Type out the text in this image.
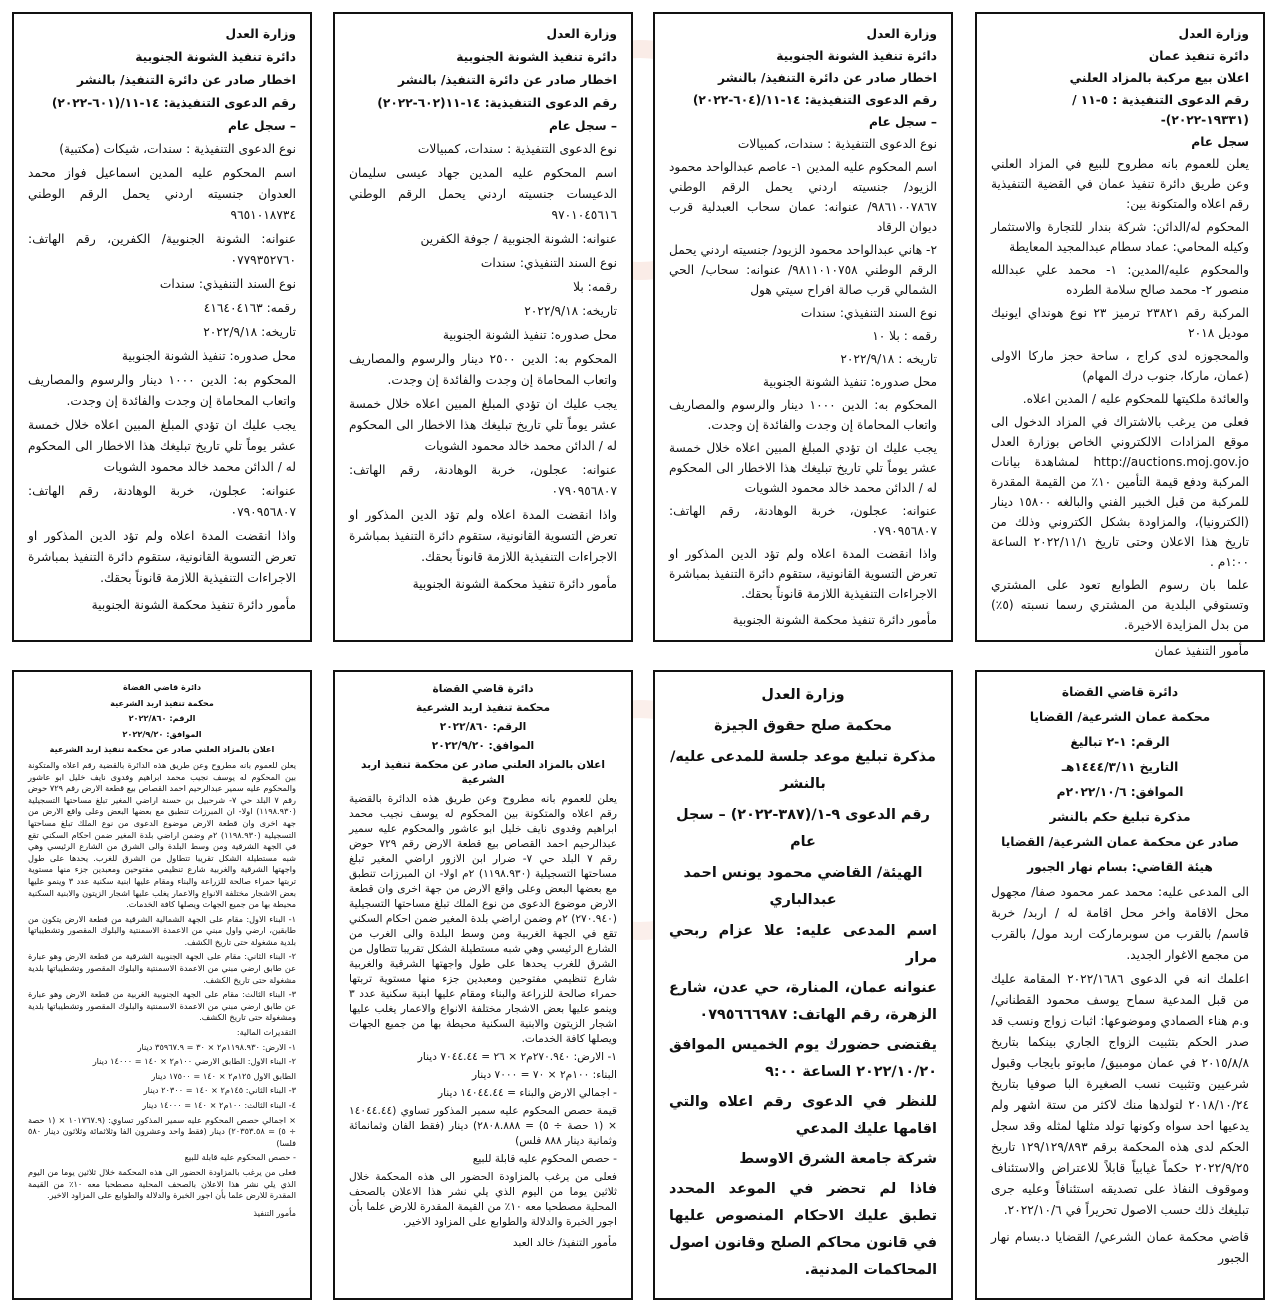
وزارة العدل
دائرة تنفيذ عمان
اعلان بيع مركبة بالمزاد العلني
رقم الدعوى التنفيذية : ٥-١١ / (١٩٣٣١-٢٠٢٢)-
سجل عام
يعلن للعموم بانه مطروح للبيع في المزاد العلني وعن طريق دائرة تنفيذ عمان في القضية التنفيذية رقم اعلاه والمتكونة بين:
المحكوم له/الدائن: شركة بندار للتجارة والاستثمار وكيله المحامي: عماد سطام عبدالمجيد المعايطة
والمحكوم عليه/المدين: ١- محمد علي عبدالله منصور ٢- محمد صالح سلامة الطرده
المركبة رقم ٢٣٨٢١ ترميز ٢٣ نوع هونداي ايونيك موديل ٢٠١٨
والمحجوزه لدى كراج ، ساحة حجز ماركا الاولى (عمان، ماركا، جنوب درك المهام)
والعائدة ملكيتها للمحكوم عليه / المدين اعلاه.
فعلى من يرغب بالاشتراك في المزاد الدخول الى موقع المزادات الالكتروني الخاص بوزارة العدل http://auctions.moj.gov.jo لمشاهدة بيانات المركبة ودفع قيمة التأمين ١٠٪ من القيمة المقدرة للمركبة من قبل الخبير الفني والبالغه ١٥٨٠٠ دينار (الكترونيا)، والمزاودة بشكل الكتروني وذلك من تاريخ هذا الاعلان وحتى تاريخ ٢٠٢٢/١١/١ الساعة ١:٠٠م .
علما بان رسوم الطوابع تعود على المشتري وتستوفي البلدية من المشتري رسما نسبته (٥٪) من بدل المزايدة الاخيرة.
مأمور التنفيذ عمان
وزارة العدل
دائرة تنفيذ الشونة الجنوبية
اخطار صادر عن دائرة التنفيذ/ بالنشر
رقم الدعوى التنفيذية: ١٤-١١/(٦٠٤-٢٠٢٢)
– سجل عام
نوع الدعوى التنفيذية : سندات، كمبيالات
اسم المحكوم عليه المدين ١- عاصم عبدالواحد محمود الزيود/ جنسيته اردني يحمل الرقم الوطني ٩٨٦١٠٠٧٨٦٧/ عنوانه: عمان سحاب العبدلية قرب ديوان الرقاد
٢- هاني عبدالواحد محمود الزيود/ جنسيته اردني يحمل الرقم الوطني ٩٨١١٠١٠٧٥٨/ عنوانه: سحاب/ الحي الشمالي قرب صالة افراح سيتي هول
نوع السند التنفيذي: سندات
رقمه : بلا ١٠
تاريخه : ٢٠٢٢/٩/١٨
محل صدوره: تنفيذ الشونة الجنوبية
المحكوم به: الدين ١٠٠٠ دينار والرسوم والمصاريف واتعاب المحاماة إن وجدت والفائدة إن وجدت.
يجب عليك ان تؤدي المبلغ المبين اعلاه خلال خمسة عشر يوماً تلي تاريخ تبليغك هذا الاخطار الى المحكوم له / الدائن محمد خالد محمود الشويات
عنوانه: عجلون، خربة الوهادنة، رقم الهاتف: ٠٧٩٠٩٥٦٨٠٧
واذا انقضت المدة اعلاه ولم تؤد الدين المذكور او تعرض التسوية القانونية، ستقوم دائرة التنفيذ بمباشرة الاجراءات التنفيذية اللازمة قانوناً بحقك.
مأمور دائرة تنفيذ محكمة الشونة الجنوبية
وزارة العدل
دائرة تنفيذ الشونة الجنوبية
اخطار صادر عن دائرة التنفيذ/ بالنشر
رقم الدعوى التنفيذية: ١٤-١١(٦٠٢-٢٠٢٢)
– سجل عام
نوع الدعوى التنفيذية : سندات، كمبيالات
اسم المحكوم عليه المدين جهاد عيسى سليمان الدعيسات جنسيته اردني يحمل الرقم الوطني ٩٧٠١٠٤٥٦١٦
عنوانه: الشونة الجنوبية / جوفة الكفرين
نوع السند التنفيذي: سندات
رقمه: بلا
تاريخه: ٢٠٢٢/٩/١٨
محل صدوره: تنفيذ الشونة الجنوبية
المحكوم به: الدين ٢٥٠٠ دينار والرسوم والمصاريف واتعاب المحاماة إن وجدت والفائدة إن وجدت.
يجب عليك ان تؤدي المبلغ المبين اعلاه خلال خمسة عشر يوماً تلي تاريخ تبليغك هذا الاخطار الى المحكوم له / الدائن محمد خالد محمود الشويات
عنوانه: عجلون، خربة الوهادنة، رقم الهاتف: ٠٧٩٠٩٥٦٨٠٧
واذا انقضت المدة اعلاه ولم تؤد الدين المذكور او تعرض التسوية القانونية، ستقوم دائرة التنفيذ بمباشرة الاجراءات التنفيذية اللازمة قانوناً بحقك.
مأمور دائرة تنفيذ محكمة الشونة الجنوبية
وزارة العدل
دائرة تنفيذ الشونة الجنوبية
اخطار صادر عن دائرة التنفيذ/ بالنشر
رقم الدعوى التنفيذية: ١٤-١١/(٦٠١-٢٠٢٢)
– سجل عام
نوع الدعوى التنفيذية : سندات، شيكات (مكتبية)
اسم المحكوم عليه المدين اسماعيل فواز محمد العدوان جنسيته اردني يحمل الرقم الوطني ٩٦٥١٠١٨٧٣٤
عنوانه: الشونة الجنوبية/ الكفرين، رقم الهاتف: ٠٧٧٩٣٥٢٧٦٠
نوع السند التنفيذي: سندات
رقمه: ٤١٦٤٠٤١٦٣
تاريخه: ٢٠٢٢/٩/١٨
محل صدوره: تنفيذ الشونة الجنوبية
المحكوم به: الدين ١٠٠٠ دينار والرسوم والمصاريف واتعاب المحاماة إن وجدت والفائدة إن وجدت.
يجب عليك ان تؤدي المبلغ المبين اعلاه خلال خمسة عشر يوماً تلي تاريخ تبليغك هذا الاخطار الى المحكوم له / الدائن محمد خالد محمود الشويات
عنوانه: عجلون، خربة الوهادنة، رقم الهاتف: ٠٧٩٠٩٥٦٨٠٧
واذا انقضت المدة اعلاه ولم تؤد الدين المذكور او تعرض التسوية القانونية، ستقوم دائرة التنفيذ بمباشرة الاجراءات التنفيذية اللازمة قانوناً بحقك.
مأمور دائرة تنفيذ محكمة الشونة الجنوبية
دائرة قاضي القضاة
محكمة عمان الشرعية/ القضايا
الرقم: ١-٢ تباليغ
التاريخ ١٤٤٤/٣/١١هـ
الموافق: ٢٠٢٢/١٠/٦م
مذكرة تبليغ حكم بالنشر
صادر عن محكمة عمان الشرعية/ القضايا
هيئة القاضي: بسام نهار الجبور
الى المدعى عليه: محمد عمر محمود صفا/ مجهول محل الاقامة واخر محل اقامة له / اربد/ خربة قاسم/ بالقرب من سوبرماركت اربد مول/ بالقرب من مجمع الاغوار الجديد.
اعلمك انه في الدعوى ٢٠٢٢/١٦٨٦ المقامة عليك من قبل المدعية سماح يوسف محمود القطناني/ و.م هناء الصمادي وموضوعها: اثبات زواج ونسب قد صدر الحكم بتثبيت الزواج الجاري بينكما بتاريخ ٢٠١٥/٨/٨ في عمان مومبيق/ مابوتو بايجاب وقبول شرعيين وتثبيت نسب الصغيرة البا صوفيا بتاريخ ٢٠١٨/١٠/٢٤ لتولدها منك لاكثر من ستة اشهر ولم يدعيها احد سواه وكونها تولد مثلها لمثله وقد سجل الحكم لدى هذه المحكمة برقم ١٢٩/١٢٩/٨٩٣ تاريخ ٢٠٢٢/٩/٢٥ حكماً غيابياً قابلاً للاعتراض والاستئناف وموقوف النفاذ على تصديقه استئنافاً وعليه جرى تبليغك ذلك حسب الاصول تحريراً في ٢٠٢٢/١٠/٦.
قاضي محكمة عمان الشرعي/ القضايا د.بسام نهار الجبور
وزارة العدل
محكمة صلح حقوق الجيزة
مذكرة تبليغ موعد جلسة للمدعى عليه/ بالنشر
رقم الدعوى ٩-١/(٣٨٧-٢٠٢٢) – سجل عام
الهيئة/ القاضي محمود يونس احمد عبدالباري
اسم المدعى عليه: علا عزام ربحي مرار
عنوانه عمان، المنارة، حي عدن، شارع الزهرة، رقم الهاتف: ٠٧٩٥٦٦٦٩٨٧
يقتضى حضورك يوم الخميس الموافق ٢٠٢٢/١٠/٢٠ الساعة ٩:٠٠
للنظر في الدعوى رقم اعلاه والتي اقامها عليك المدعي
شركة جامعة الشرق الاوسط
فاذا لم تحضر في الموعد المحدد تطبق عليك الاحكام المنصوص عليها في قانون محاكم الصلح وقانون اصول المحاكمات المدنية.
دائرة قاضي القضاة
محكمة تنفيذ اربد الشرعية
الرقم: ٢٠٢٢/٨٦٠
الموافق: ٢٠٢٢/٩/٢٠
اعلان بالمزاد العلني صادر عن محكمة تنفيذ اربد الشرعية
يعلن للعموم بانه مطروح وعن طريق هذه الدائرة بالقضية رقم اعلاه والمتكونة بين المحكوم له يوسف نجيب محمد ابراهيم وفدوى نايف خليل ابو عاشور والمحكوم عليه سمير عبدالرحيم احمد القصاص بيع قطعة الارض رقم ٧٢٩ حوض رقم ٧ البلد حي ٧- ضرار ابن الازور اراضي المغير تبلغ مساحتها التسجيلية (١١٩٨.٩٣٠) ٢م اولا- ان المبرزات تنطبق مع بعضها البعض وعلى واقع الارض من جهة اخرى وان قطعة الارض موضوع الدعوى من نوع الملك تبلغ مساحتها التسجيلية (٢٧٠.٩٤٠) ٢م وضمن اراضي بلدة المغير ضمن احكام السكني تقع في الجهة الغربية ومن وسط البلدة والى الغرب من الشارع الرئيسي وهي شبه مستطيلة الشكل تقريبا تتطاول من الشرق للغرب يحدها على طول واجهتها الشرقية والغربية شارع تنظيمي مفتوحين ومعبدين جزء منها مستوية تربتها حمراء صالحة للزراعة والبناء ومقام عليها ابنية سكنية عدد ٣ وينمو عليها بعض الاشجار مختلفة الانواع والاعمار يغلب عليها اشجار الزيتون والابنية السكنية محيطة بها من جميع الجهات ويصلها كافة الخدمات.
١- الارض: ٢٧٠.٩٤٠م٢ × ٢٦ = ٧٠٤٤.٤٤ دينار
البناء: ١٠٠م٢ × ٧٠ = ٧٠٠٠ دينار
- اجمالي الارض والبناء = ١٤٠٤٤.٤٤ دينار
قيمة حصص المحكوم عليه سمير المذكور تساوي (١٤٠٤٤.٤٤ × (١ حصة ÷ ٥) = ٢٨٠٨.٨٨٨) دينار (فقط الفان وثمانمائة وثمانية دينار ٨٨٨ فلس)
- حصص المحكوم عليه قابلة للبيع
فعلى من يرغب بالمزاودة الحضور الى هذه المحكمة خلال ثلاثين يوما من اليوم الذي يلي نشر هذا الاعلان بالصحف المحلية مصطحبا معه ١٠٪ من القيمة المقدرة للارض علما بأن اجور الخبرة والدلالة والطوابع على المزاود الاخير.
مأمور التنفيذ/ خالد العبد
دائرة قاضي القضاة
محكمة تنفيذ اربد الشرعية
الرقم: ٢٠٢٢/٨٦٠
الموافق: ٢٠٢٢/٩/٢٠
اعلان بالمزاد العلني صادر عن محكمة تنفيذ اربد الشرعية
يعلن للعموم بانه مطروح وعن طريق هذه الدائرة بالقضية رقم اعلاه والمتكونة بين المحكوم له يوسف نجيب محمد ابراهيم وفدوى نايف خليل ابو عاشور والمحكوم عليه سمير عبدالرحيم احمد القصاص بيع قطعة الارض رقم ٧٢٩ حوض رقم ٧ البلد حي ٧- شرحبيل بن حسنة اراضي المغير تبلغ مساحتها التسجيلية (١١٩٨.٩٣٠) اولا- ان المبرزات تنطبق مع بعضها البعض وعلى واقع الارض من جهة اخرى وان قطعة الارض موضوع الدعوى من نوع الملك تبلغ مساحتها التسجيلية (١١٩٨.٩٣٠) ٢م وضمن اراضي بلدة المغير ضمن احكام السكني تقع في الجهة الشرقية ومن وسط البلدة والى الشرق من الشارع الرئيسي وهي شبه مستطيلة الشكل تقريبا تتطاول من الشرق للغرب. يحدها على طول واجهتها الشرقية والغربية شارع تنظيمي مفتوحين ومعبدين جزء منها مستوية تربتها حمراء صالحة للزراعة والبناء ومقام عليها ابنية سكنية عدد ٣ وينمو عليها بعض الاشجار مختلفة الانواع والاعمار يغلب عليها اشجار الزيتون والابنية السكنية محيطة بها من جميع الجهات ويصلها كافة الخدمات.
١- البناء الاول: مقام على الجهة الشمالية الشرقية من قطعة الارض يتكون من طابقين، ارضي واول مبني من الاعمدة الاسمنتية والبلوك المقصور وتشطيباتها بلدية مشغولة حتى تاريخ الكشف.
٢- البناء الثاني: مقام على الجهة الجنوبية الشرقية من قطعة الارض وهو عبارة عن طابق ارضي مبني من الاعمدة الاسمنتية والبلوك المقصور وتشطيباتها بلدية مشغولة حتى تاريخ الكشف.
٣- البناء الثالث: مقام على الجهة الجنوبية الغربية من قطعة الارض وهو عبارة عن طابق ارضي مبني من الاعمدة الاسمنتية والبلوك المقصور وتشطيباتها بلدية ومشغولة حتى تاريخ الكشف.
التقديرات المالية:
١- الارض: ١١٩٨.٩٣٠م٢ × ٣٠ = ٣٥٩٦٧.٩ دينار
٢- البناء الاول: الطابق الارضي ١٠٠م٢ × ١٤٠ = ١٤٠٠٠ دينار
الطابق الاول ١٢٥م٢ × ١٤٠ = ١٧٥٠٠ دينار
٣- البناء الثاني: ١٤٥م٢ × ١٤٠ = ٢٠٣٠٠ دينار
٤- البناء الثالث: ١٠٠م٢ × ١٤٠ = ١٤٠٠٠ دينار
× اجمالي حصص المحكوم عليه سمير المذكور تساوي: (١٠١٧٦٧.٩ × (١ حصة ÷ ٥) = ٢٠٣٥٣.٥٨) دينار (فقط واحد وعشرون الفا وثلاثمائة وثلاثون دينار ٥٨٠ فلسا)
- حصص المحكوم عليه قابلة للبيع
فعلى من يرغب بالمزاودة الحضور الى هذه المحكمة خلال ثلاثين يوما من اليوم الذي يلي نشر هذا الاعلان بالصحف المحلية مصطحبا معه ١٠٪ من القيمة المقدرة للارض علما بأن اجور الخبرة والدلالة والطوابع على المزاود الاخير.
مأمور التنفيذ
